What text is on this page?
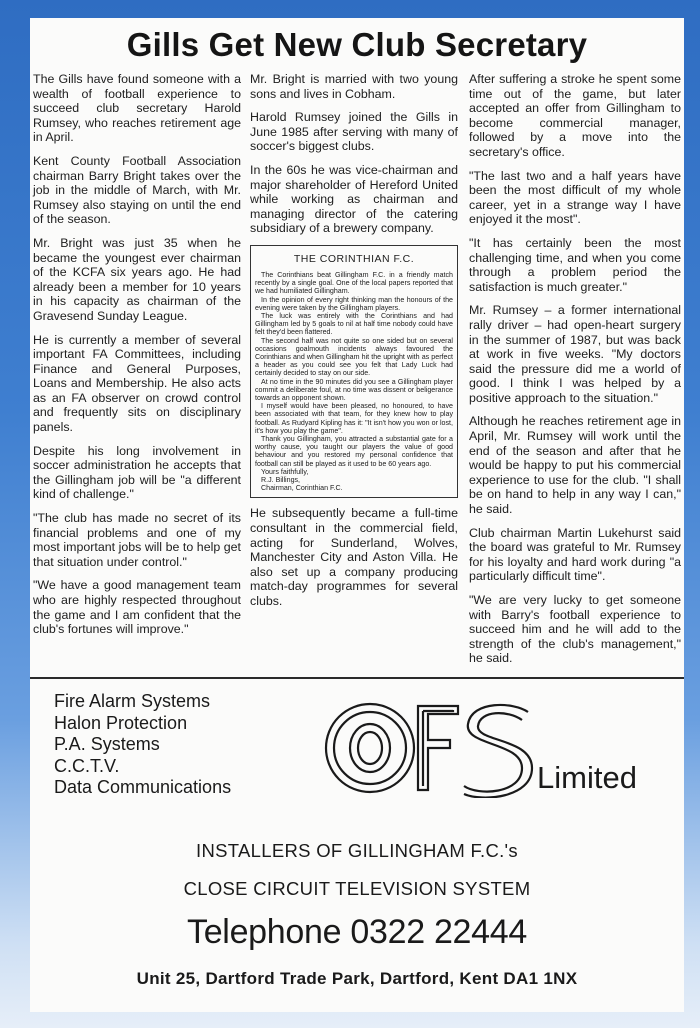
Gills Get New Club Secretary

The Gills have found someone with a wealth of football experience to succeed club secretary Harold Rumsey, who reaches retirement age in April.

Kent County Football Association chairman Barry Bright takes over the job in the middle of March, with Mr. Rumsey also staying on until the end of the season.

Mr. Bright was just 35 when he became the youngest ever chairman of the KCFA six years ago. He had already been a member for 10 years in his capacity as chairman of the Gravesend Sunday League.

He is currently a member of several important FA Committees, including Finance and General Purposes, Loans and Membership. He also acts as an FA observer on crowd control and frequently sits on disciplinary panels.

Despite his long involvement in soccer administration he accepts that the Gillingham job will be "a different kind of challenge."

"The club has made no secret of its financial problems and one of my most important jobs will be to help get that situation under control."

"We have a good management team who are highly respected throughout the game and I am confident that the club's fortunes will improve."

Mr. Bright is married with two young sons and lives in Cobham.

Harold Rumsey joined the Gills in June 1985 after serving with many of soccer's biggest clubs.

In the 60s he was vice-chairman and major shareholder of Hereford United while working as chairman and managing director of the catering subsidiary of a brewery company.

THE CORINTHIAN F.C.

The Corinthians beat Gillingham F.C. in a friendly match recently by a single goal. One of the local papers reported that we had humiliated Gillingham.

In the opinion of every right thinking man the honours of the evening were taken by the Gillingham players.

The luck was entirely with the Corinthians and had Gillingham led by 5 goals to nil at half time nobody could have felt they'd been flattered.

The second half was not quite so one sided but on several occasions goalmouth incidents always favoured the Corinthians and when Gillingham hit the upright with as perfect a header as you could see you felt that Lady Luck had certainly decided to stay on our side.

At no time in the 90 minutes did you see a Gillingham player commit a deliberate foul, at no time was dissent or beligerance towards an opponent shown.

I myself would have been pleased, no honoured, to have been associated with that team, for they knew how to play football. As Rudyard Kipling has it: "It isn't how you won or lost, it's how you play the game".

Thank you Gillingham, you attracted a substantial gate for a worthy cause, you taught our players the value of good behaviour and you restored my personal confidence that football can still be played as it used to be 60 years ago.

Yours faithfully,

R.J. Billings,

Chairman, Corinthian F.C.

He subsequently became a full-time consultant in the commercial field, acting for Sunderland, Wolves, Manchester City and Aston Villa. He also set up a company producing match-day programmes for several clubs.

After suffering a stroke he spent some time out of the game, but later accepted an offer from Gillingham to become commercial manager, followed by a move into the secretary's office.

"The last two and a half years have been the most difficult of my whole career, yet in a strange way I have enjoyed it the most".

"It has certainly been the most challenging time, and when you come through a problem period the satisfaction is much greater."

Mr. Rumsey – a former international rally driver – had open-heart surgery in the summer of 1987, but was back at work in five weeks. "My doctors said the pressure did me a world of good. I think I was helped by a positive approach to the situation."

Although he reaches retirement age in April, Mr. Rumsey will work until the end of the season and after that he would be happy to put his commercial experience to use for the club. "I shall be on hand to help in any way I can," he said.

Club chairman Martin Lukehurst said the board was grateful to Mr. Rumsey for his loyalty and hard work during "a particularly difficult time".

"We are very lucky to get someone with Barry's football experience to succeed him and he will add to the strength of the club's management," he said.

Fire Alarm Systems
Halon Protection
P.A. Systems
C.C.T.V.
Data Communications	Limited
INSTALLERS OF GILLINGHAM F.C.'s
CLOSE CIRCUIT TELEVISION SYSTEM
Telephone 0322 22444
Unit 25, Dartford Trade Park, Dartford, Kent DA1 1NX
